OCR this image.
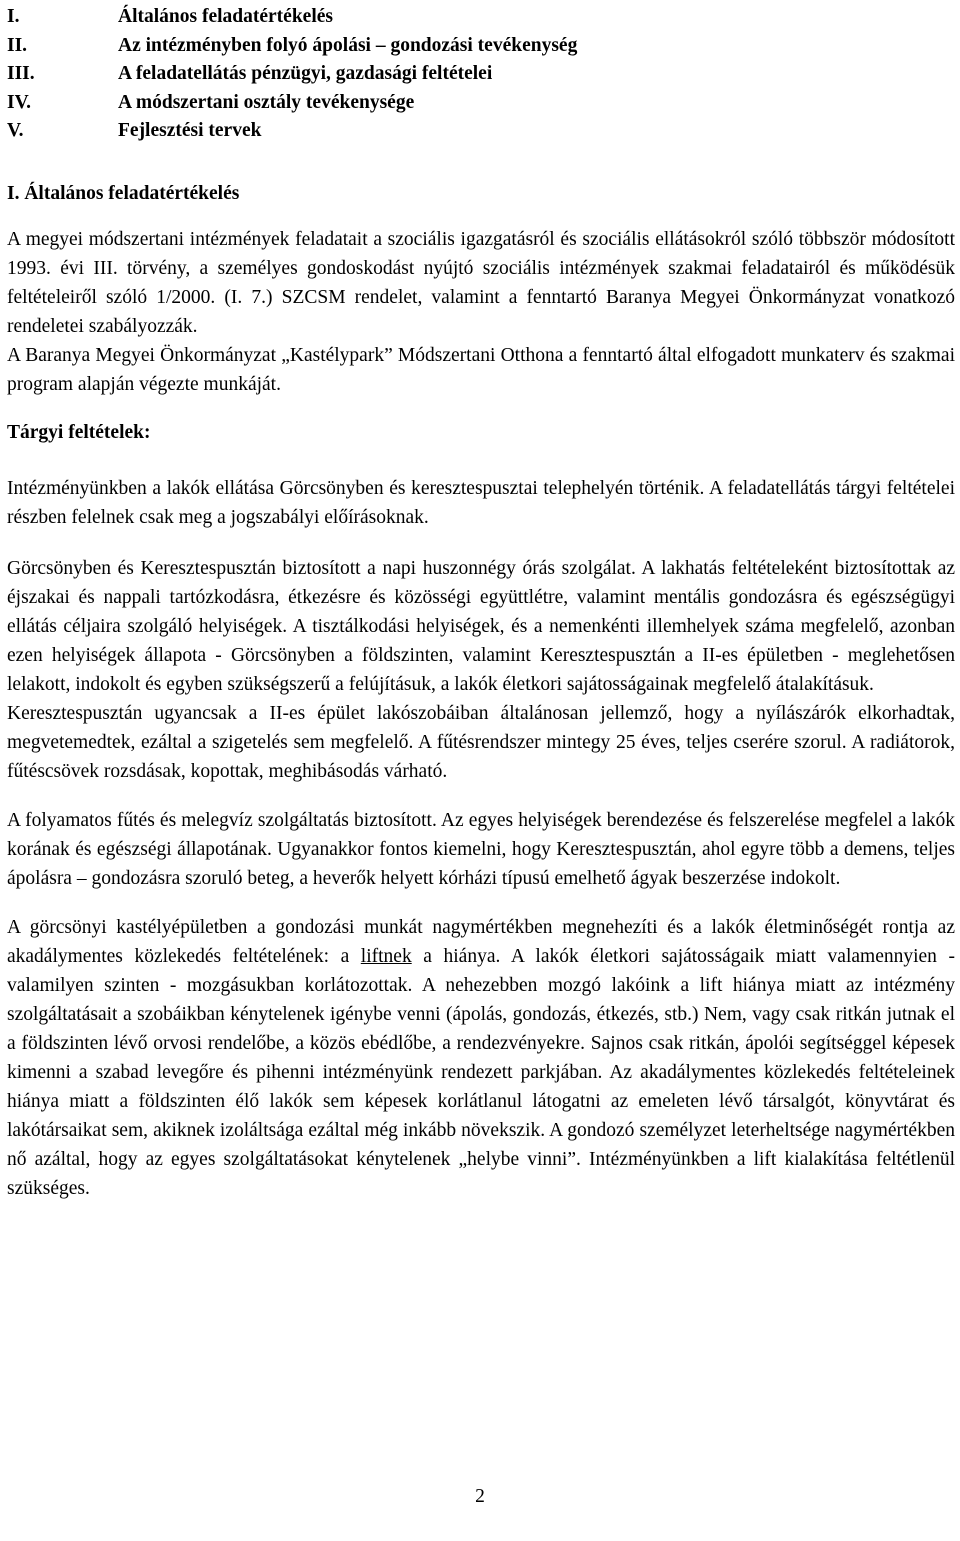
I.	Általános feladatértékelés
II.	Az intézményben folyó ápolási – gondozási tevékenység
III.	A feladatellátás pénzügyi, gazdasági feltételei
IV.	A módszertani osztály tevékenysége
V.	Fejlesztési tervek
I. Általános feladatértékelés

A megyei módszertani intézmények feladatait a szociális igazgatásról és szociális ellátásokról szóló többször módosított 1993. évi III. törvény, a személyes gondoskodást nyújtó szociális intézmények szakmai feladatairól és működésük feltételeiről szóló 1/2000. (I. 7.) SZCSM rendelet, valamint a fenntartó Baranya Megyei Önkormányzat vonatkozó rendeletei szabályozzák.

A Baranya Megyei Önkormányzat „Kastélypark” Módszertani Otthona a fenntartó által elfogadott munkaterv és szakmai program alapján végezte munkáját.

Tárgyi feltételek:

Intézményünkben a lakók ellátása Görcsönyben és keresztespusztai telephelyén történik. A feladatellátás tárgyi feltételei részben felelnek csak meg a jogszabályi előírásoknak.

Görcsönyben és Keresztespusztán biztosított a napi huszonnégy órás szolgálat. A lakhatás feltételeként biztosítottak az éjszakai és nappali tartózkodásra, étkezésre és közösségi együttlétre, valamint mentális gondozásra és egészségügyi ellátás céljaira szolgáló helyiségek. A tisztálkodási helyiségek, és a nemenkénti illemhelyek száma megfelelő, azonban ezen helyiségek állapota - Görcsönyben a földszinten, valamint Keresztespusztán a II-es épületben - meglehetősen lelakott, indokolt és egyben szükségszerű a felújításuk, a lakók életkori sajátosságainak megfelelő átalakításuk.

Keresztespusztán ugyancsak a II-es épület lakószobáiban általánosan jellemző, hogy a nyílászárók elkorhadtak, megvetemedtek, ezáltal a szigetelés sem megfelelő. A fűtésrendszer mintegy 25 éves, teljes cserére szorul. A radiátorok, fűtéscsövek rozsdásak, kopottak, meghibásodás várható.

A folyamatos fűtés és melegvíz szolgáltatás biztosított. Az egyes helyiségek berendezése és felszerelése megfelel a lakók korának és egészségi állapotának. Ugyanakkor fontos kiemelni, hogy Keresztespusztán, ahol egyre több a demens, teljes ápolásra – gondozásra szoruló beteg, a heverők helyett kórházi típusú emelhető ágyak beszerzése indokolt.

A görcsönyi kastélyépületben a gondozási munkát nagymértékben megnehezíti és a lakók életminőségét rontja az akadálymentes közlekedés feltételének: a liftnek a hiánya. A lakók életkori sajátosságaik miatt valamennyien - valamilyen szinten - mozgásukban korlátozottak. A nehezebben mozgó lakóink a lift hiánya miatt az intézmény szolgáltatásait a szobáikban kénytelenek igénybe venni (ápolás, gondozás, étkezés, stb.) Nem, vagy csak ritkán jutnak el a földszinten lévő orvosi rendelőbe, a közös ebédlőbe, a rendezvényekre. Sajnos csak ritkán, ápolói segítséggel képesek kimenni a szabad levegőre és pihenni intézményünk rendezett parkjában. Az akadálymentes közlekedés feltételeinek hiánya miatt a földszinten élő lakók sem képesek korlátlanul látogatni az emeleten lévő társalgót, könyvtárat és lakótársaikat sem, akiknek izoláltsága ezáltal még inkább növekszik. A gondozó személyzet leterheltsége nagymértékben nő azáltal, hogy az egyes szolgáltatásokat kénytelenek „helybe vinni”. Intézményünkben a lift kialakítása feltétlenül szükséges.

2
